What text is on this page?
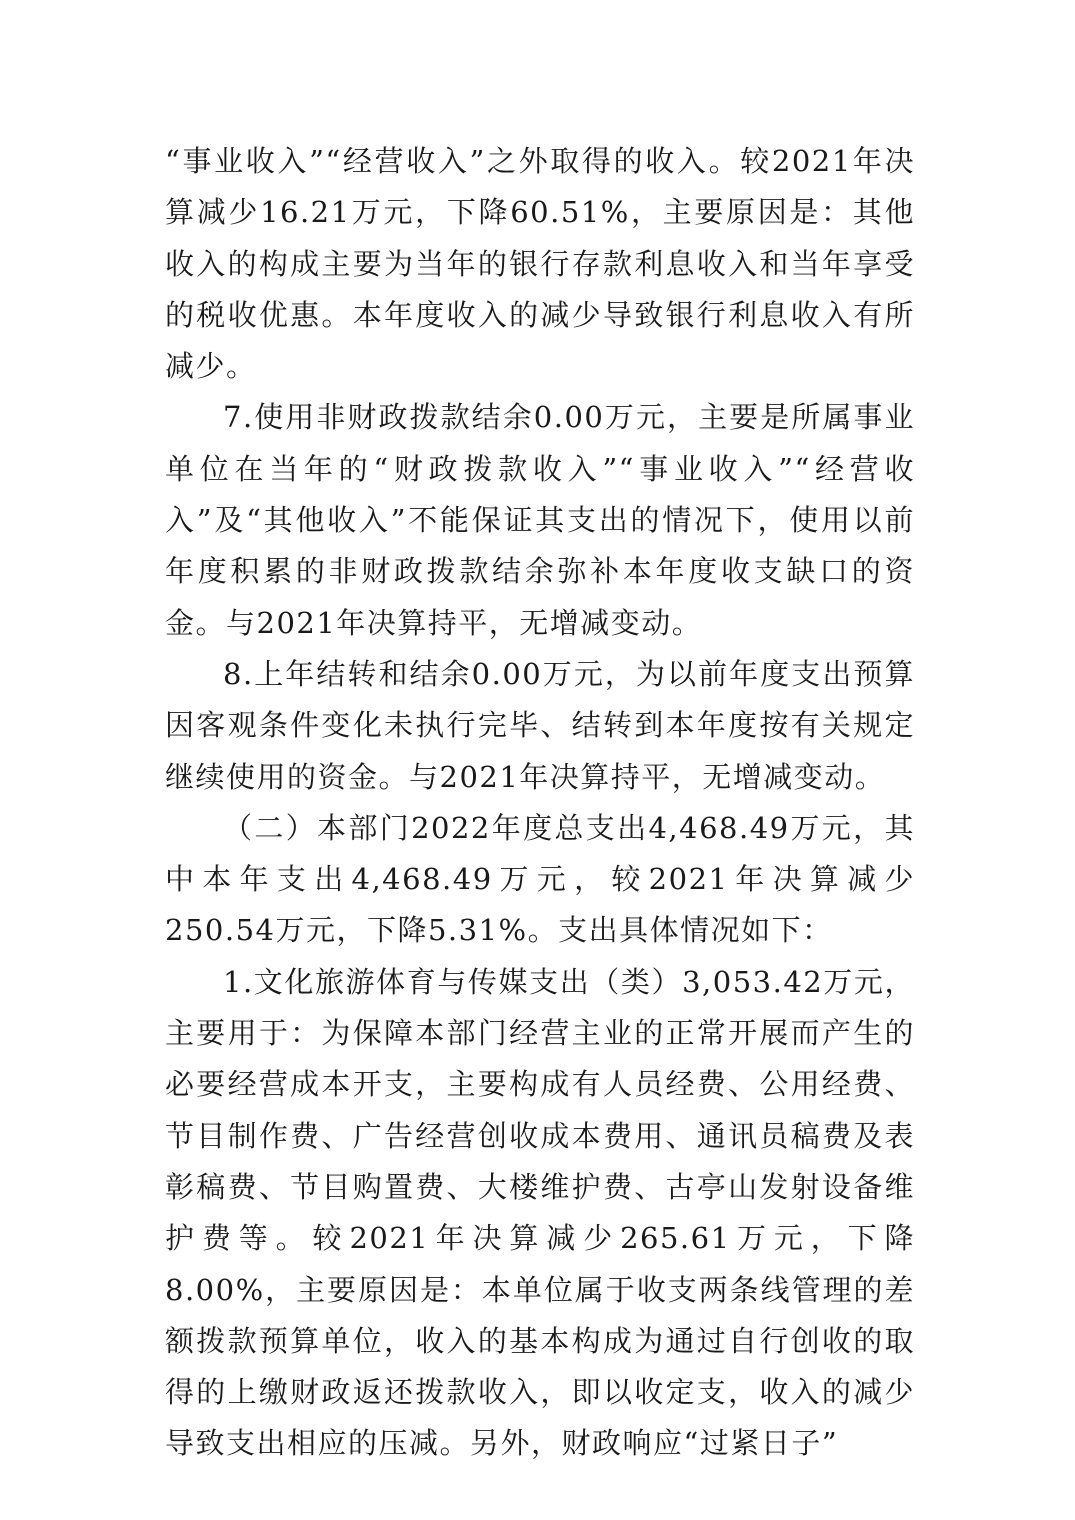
“事业收入”“经营收入”之外取得的收入。较2021年决算减少16.21万元，下降60.51%，主要原因是：其他收入的构成主要为当年的银行存款利息收入和当年享受的税收优惠。本年度收入的减少导致银行利息收入有所减少。

7.使用非财政拨款结余0.00万元，主要是所属事业单位在当年的“财政拨款收入”“事业收入”“经营收入”及“其他收入”不能保证其支出的情况下，使用以前年度积累的非财政拨款结余弥补本年度收支缺口的资金。与2021年决算持平，无增减变动。

8.上年结转和结余0.00万元，为以前年度支出预算因客观条件变化未执行完毕、结转到本年度按有关规定继续使用的资金。与2021年决算持平，无增减变动。

（二）本部门2022年度总支出4,468.49万元，其中本年支出4,468.49万元，较2021年决算减少250.54万元，下降5.31%。支出具体情况如下：

1.文化旅游体育与传媒支出（类）3,053.42万元，主要用于：为保障本部门经营主业的正常开展而产生的必要经营成本开支，主要构成有人员经费、公用经费、节目制作费、广告经营创收成本费用、通讯员稿费及表彰稿费、节目购置费、大楼维护费、古亭山发射设备维护费等。较2021年决算减少265.61万元，下降8.00%，主要原因是：本单位属于收支两条线管理的差额拨款预算单位，收入的基本构成为通过自行创收的取得的上缴财政返还拨款收入，即以收定支，收入的减少导致支出相应的压减。另外，财政响应“过紧日子”
